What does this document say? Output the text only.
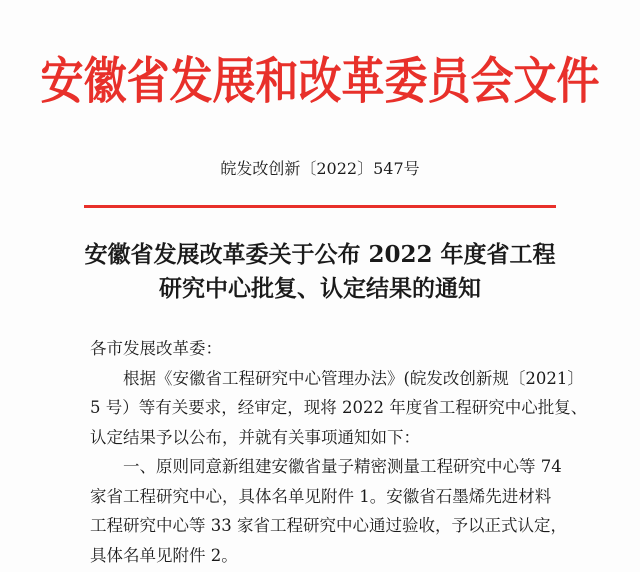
安徽省发展和改革委员会文件
皖发改创新〔2022〕547号
安徽省发展改革委关于公布 2022 年度省工程
研究中心批复、认定结果的通知
各市发展改革委：
根据《安徽省工程研究中心管理办法》(皖发改创新规〔2021〕
5 号）等有关要求，经审定，现将 2022 年度省工程研究中心批复、
认定结果予以公布，并就有关事项通知如下：
一、原则同意新组建安徽省量子精密测量工程研究中心等 74
家省工程研究中心，具体名单见附件 1。安徽省石墨烯先进材料
工程研究中心等 33 家省工程研究中心通过验收，予以正式认定，
具体名单见附件 2。
